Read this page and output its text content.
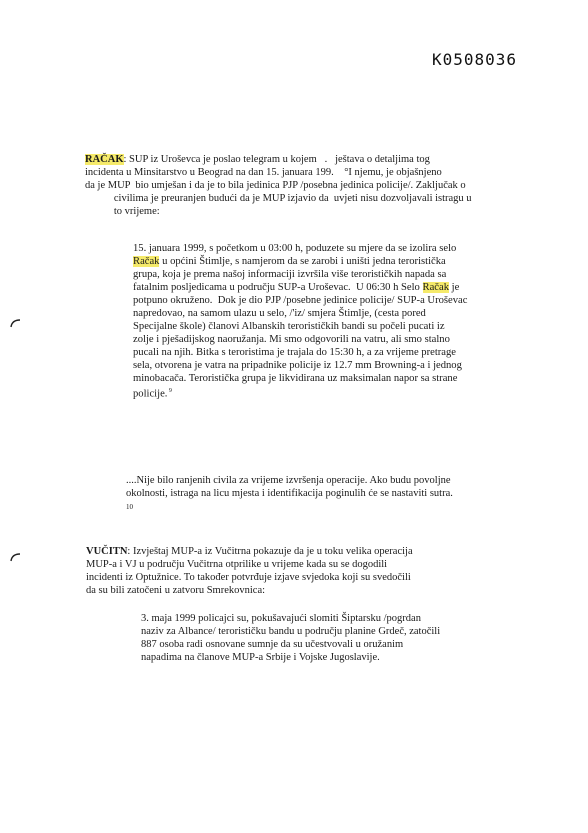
K0508036
RAČAK: SUP iz Uroševca je poslao telegram u kojem   .   ještava o detaljima tog
incidenta u Minsitarstvo u Beograd na dan 15. januara 199.    °I njemu, je objašnjeno
da je MUP  bio umješan i da je to bila jedinica PJP /posebna jedinica policije/. Zaključak o
civilima je preuranjen budući da je MUP izjavio da  uvjeti nisu dozvoljavali istragu u
to vrijeme:
15. januara 1999, s početkom u 03:00 h, poduzete su mjere da se izolira selo
Račak u općini Štimlje, s namjerom da se zarobi i uništi jedna teroristička
grupa, koja je prema našoj informaciji izvršila više terorističkih napada sa
fatalnim posljedicama u području SUP-a Uroševac.  U 06:30 h Selo Račak je
potpuno okruženo.  Dok je dio PJP /posebne jedinice policije/ SUP-a Uroševac
napredovao, na samom ulazu u selo, /'iz/ smjera Štimlje, (cesta pored
Specijalne škole) članovi Albanskih terorističkih bandi su počeli pucati iz
zolje i pješadijskog naoružanja. Mi smo odgovorili na vatru, ali smo stalno
pucali na njih. Bitka s teroristima je trajala do 15:30 h, a za vrijeme pretrage
sela, otvorena je vatra na pripadnike policije iz 12.7 mm Browning-a i jednog
minobacača. Teroristička grupa je likvidirana uz maksimalan napor sa strane
policije. $^9$
....Nije bilo ranjenih civila za vrijeme izvršenja operacije. Ako budu povoljne
okolnosti, istraga na licu mjesta i identifikacija poginulih će se nastaviti sutra.
10
VUČITN: Izvještaj MUP-a iz Vučitrna pokazuje da je u toku velika operacija
MUP-a i VJ u području Vučitrna otprilike u vrijeme kada su se dogodili
incidenti iz Optužnice. To također potvrđuje izjave svjedoka koji su svedočili
da su bili zatočeni u zatvoru Smrekovnica:
3. maja 1999 policajci su, pokušavajući slomiti Šiptarsku /pogrdan
naziv za Albance/ terorističku bandu u području planine Grdeč, zatočili
887 osoba radi osnovane sumnje da su učestvovali u oružanim
napadima na članove MUP-a Srbije i Vojske Jugoslavije.
